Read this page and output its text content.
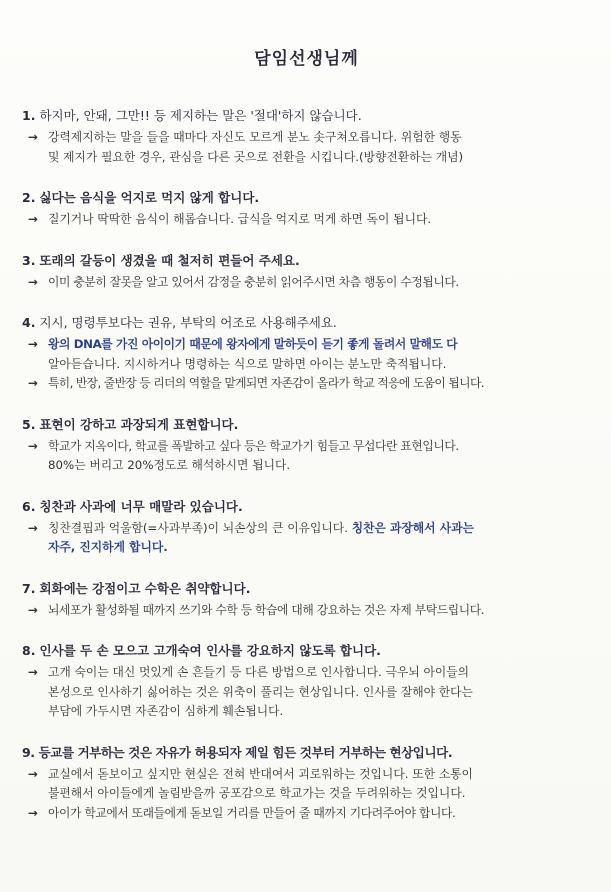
담임선생님께
1. 하지마, 안돼, 그만!! 등 제지하는 말은 '절대'하지 않습니다.

→ 강력제지하는 말을 들을 때마다 자신도 모르게 분노 솟구쳐오릅니다. 위험한 행동

및 제지가 필요한 경우, 관심을 다른 곳으로 전환을 시킵니다.(방향전환하는 개념)

2. 싫다는 음식을 억지로 먹지 않게 합니다.

→ 질기거나 딱딱한 음식이 해롭습니다. 급식을 억지로 먹게 하면 독이 됩니다.

3. 또래의 갈등이 생겼을 때 철저히 편들어 주세요.

→ 이미 충분히 잘못을 알고 있어서 감정을 충분히 읽어주시면 차츰 행동이 수정됩니다.

4. 지시, 명령투보다는 권유, 부탁의 어조로 사용해주세요.

→ 왕의 DNA를 가진 아이이기 때문에 왕자에게 말하듯이 듣기 좋게 돌려서 말해도 다

알아듣습니다. 지시하거나 명령하는 식으로 말하면 아이는 분노만 축적됩니다.

→ 특히, 반장, 줄반장 등 리더의 역할을 맡게되면 자존감이 올라가 학교 적응에 도움이 됩니다.

5. 표현이 강하고 과장되게 표현합니다.

→ 학교가 지옥이다, 학교를 폭발하고 싶다 등은 학교가기 힘들고 무섭다란 표현입니다.

80%는 버리고 20%정도로 해석하시면 됩니다.

6. 칭찬과 사과에 너무 매말라 있습니다.

→ 칭찬결핍과 억울함(=사과부족)이 뇌손상의 큰 이유입니다. 칭찬은 과장해서 사과는

자주, 진지하게 합니다.

7. 회화에는 강점이고 수학은 취약합니다.

→ 뇌세포가 활성화될 때까지 쓰기와 수학 등 학습에 대해 강요하는 것은 자제 부탁드립니다.

8. 인사를 두 손 모으고 고개숙여 인사를 강요하지 않도록 합니다.

→ 고개 숙이는 대신 멋있게 손 흔들기 등 다른 방법으로 인사합니다. 극우뇌 아이들의

본성으로 인사하기 싫어하는 것은 위축이 풀리는 현상입니다. 인사를 잘해야 한다는

부담에 가두시면 자존감이 심하게 훼손됩니다.

9. 등교를 거부하는 것은 자유가 허용되자 제일 힘든 것부터 거부하는 현상입니다.

→ 교실에서 돋보이고 싶지만 현실은 전혀 반대여서 괴로워하는 것입니다. 또한 소통이

불편해서 아이들에게 놀림받을까 공포감으로 학교가는 것을 두려워하는 것입니다.

→ 아이가 학교에서 또래들에게 돋보일 거리를 만들어 줄 때까지 기다려주어야 합니다.
